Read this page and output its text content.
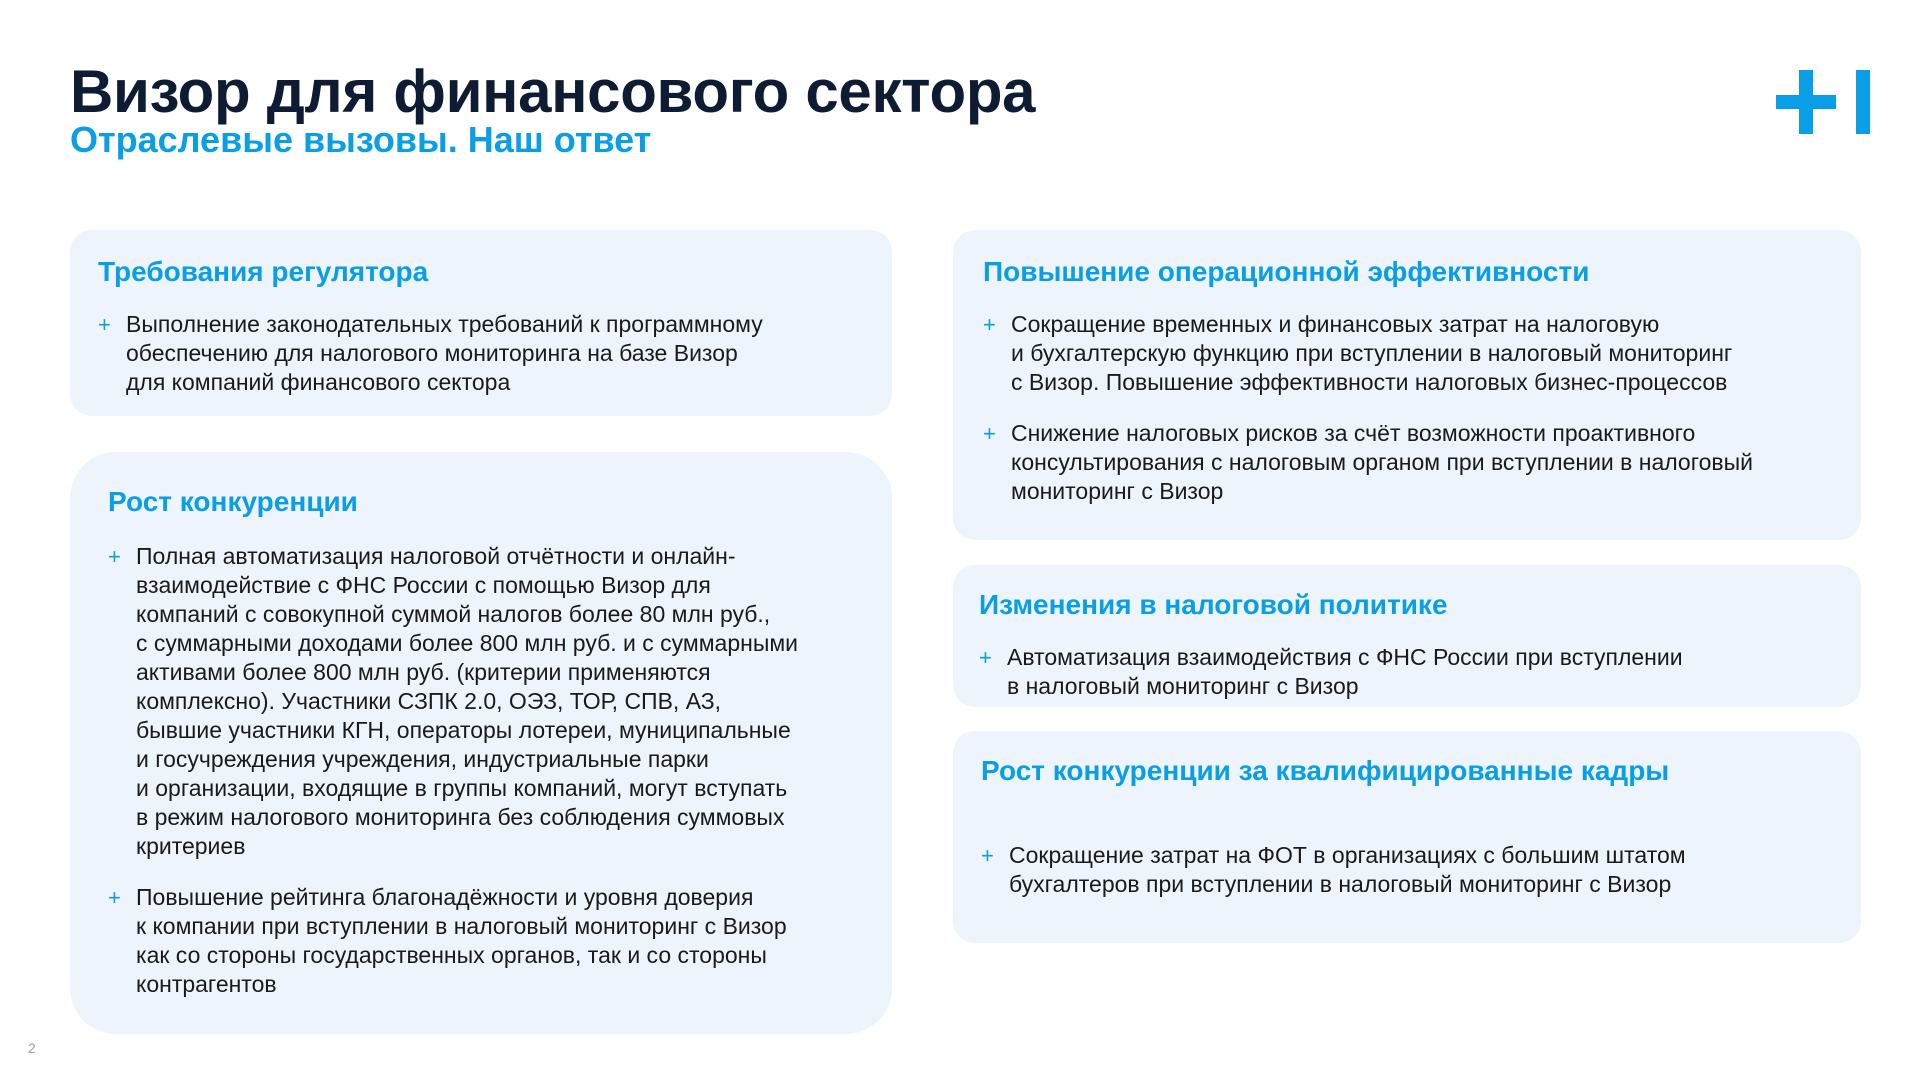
Визор для финансового сектора
Отраслевые вызовы. Наш ответ
Требования регулятора
+ Выполнение законодательных требований к программному
обеспечению для налогового мониторинга на базе Визор
для компаний финансового сектора
Рост конкуренции
+ Полная автоматизация налоговой отчётности и онлайн-
взаимодействие с ФНС России с помощью Визор для
компаний с совокупной суммой налогов более 80 млн руб.,
с суммарными доходами более 800 млн руб. и с суммарными
активами более 800 млн руб. (критерии применяются
комплексно). Участники СЗПК 2.0, ОЭЗ, ТОР, СПВ, АЗ,
бывшие участники КГН, операторы лотереи, муниципальные
и госучреждения учреждения, индустриальные парки
и организации, входящие в группы компаний, могут вступать
в режим налогового мониторинга без соблюдения суммовых
критериев
+ Повышение рейтинга благонадёжности и уровня доверия
к компании при вступлении в налоговый мониторинг с Визор
как со стороны государственных органов, так и со стороны
контрагентов
Повышение операционной эффективности
+ Сокращение временных и финансовых затрат на налоговую
и бухгалтерскую функцию при вступлении в налоговый мониторинг
с Визор. Повышение эффективности налоговых бизнес-процессов
+ Снижение налоговых рисков за счёт возможности проактивного
консультирования с налоговым органом при вступлении в налоговый
мониторинг с Визор
Изменения в налоговой политике
+ Автоматизация взаимодействия с ФНС России при вступлении
в налоговый мониторинг с Визор
Рост конкуренции за квалифицированные кадры
+ Сокращение затрат на ФОТ в организациях с большим штатом
бухгалтеров при вступлении в налоговый мониторинг с Визор
2
